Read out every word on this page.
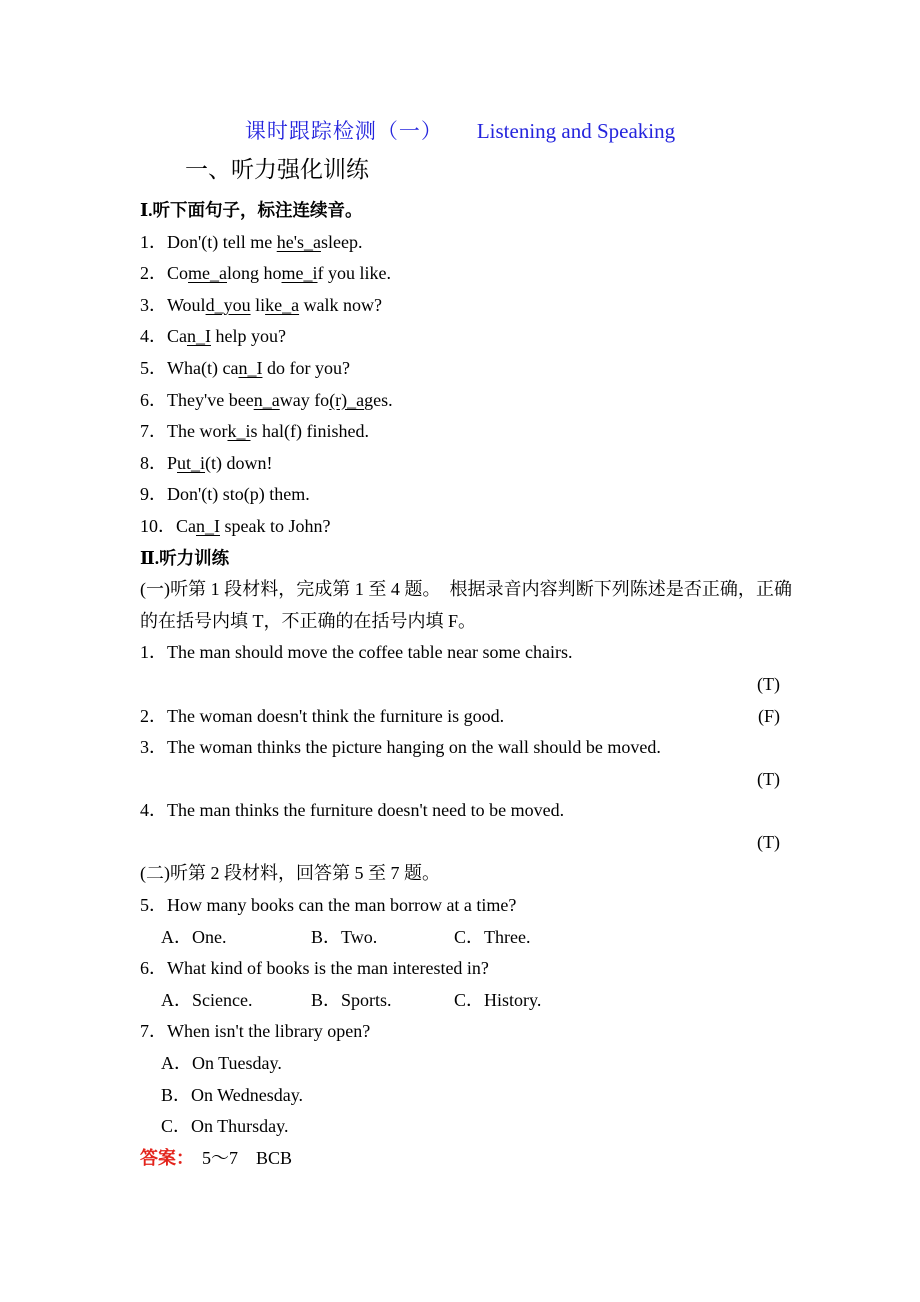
课时跟踪检测（一） Listening and Speaking
一、听力强化训练
Ⅰ.听下面句子，标注连续音。
1．Don'(t) tell me he's_asleep.
2．Come_along home_if you like.
3．Would_you like_a walk now?
4．Can_I help you?
5．Wha(t) can_I do for you?
6．They've been_away fo(r)_ages.
7．The work_is hal(f) finished.
8．Put_i(t) down!
9．Don'(t) sto(p) them.
10．Can_I speak to John?
Ⅱ.听力训练
(一)听第 1 段材料，完成第 1 至 4 题。　根据录音内容判断下列陈述是否正确，正确的在括号内填 T，不正确的在括号内填 F。
1．The man should move the coffee table near some chairs.
(T)
2．The woman doesn't think the furniture is good.	(F)
3．The woman thinks the picture hanging on the wall should be moved.
(T)
4．The man thinks the furniture doesn't need to be moved.
(T)
(二)听第 2 段材料，回答第 5 至 7 题。
5．How many books can the man borrow at a time?
A．One.	B．Two.	C．Three.
6．What kind of books is the man interested in?
A．Science.	B．Sports.	C．History.
7．When isn't the library open?
A．On Tuesday.
B．On Wednesday.
C．On Thursday.
答案： 5～7　BCB
